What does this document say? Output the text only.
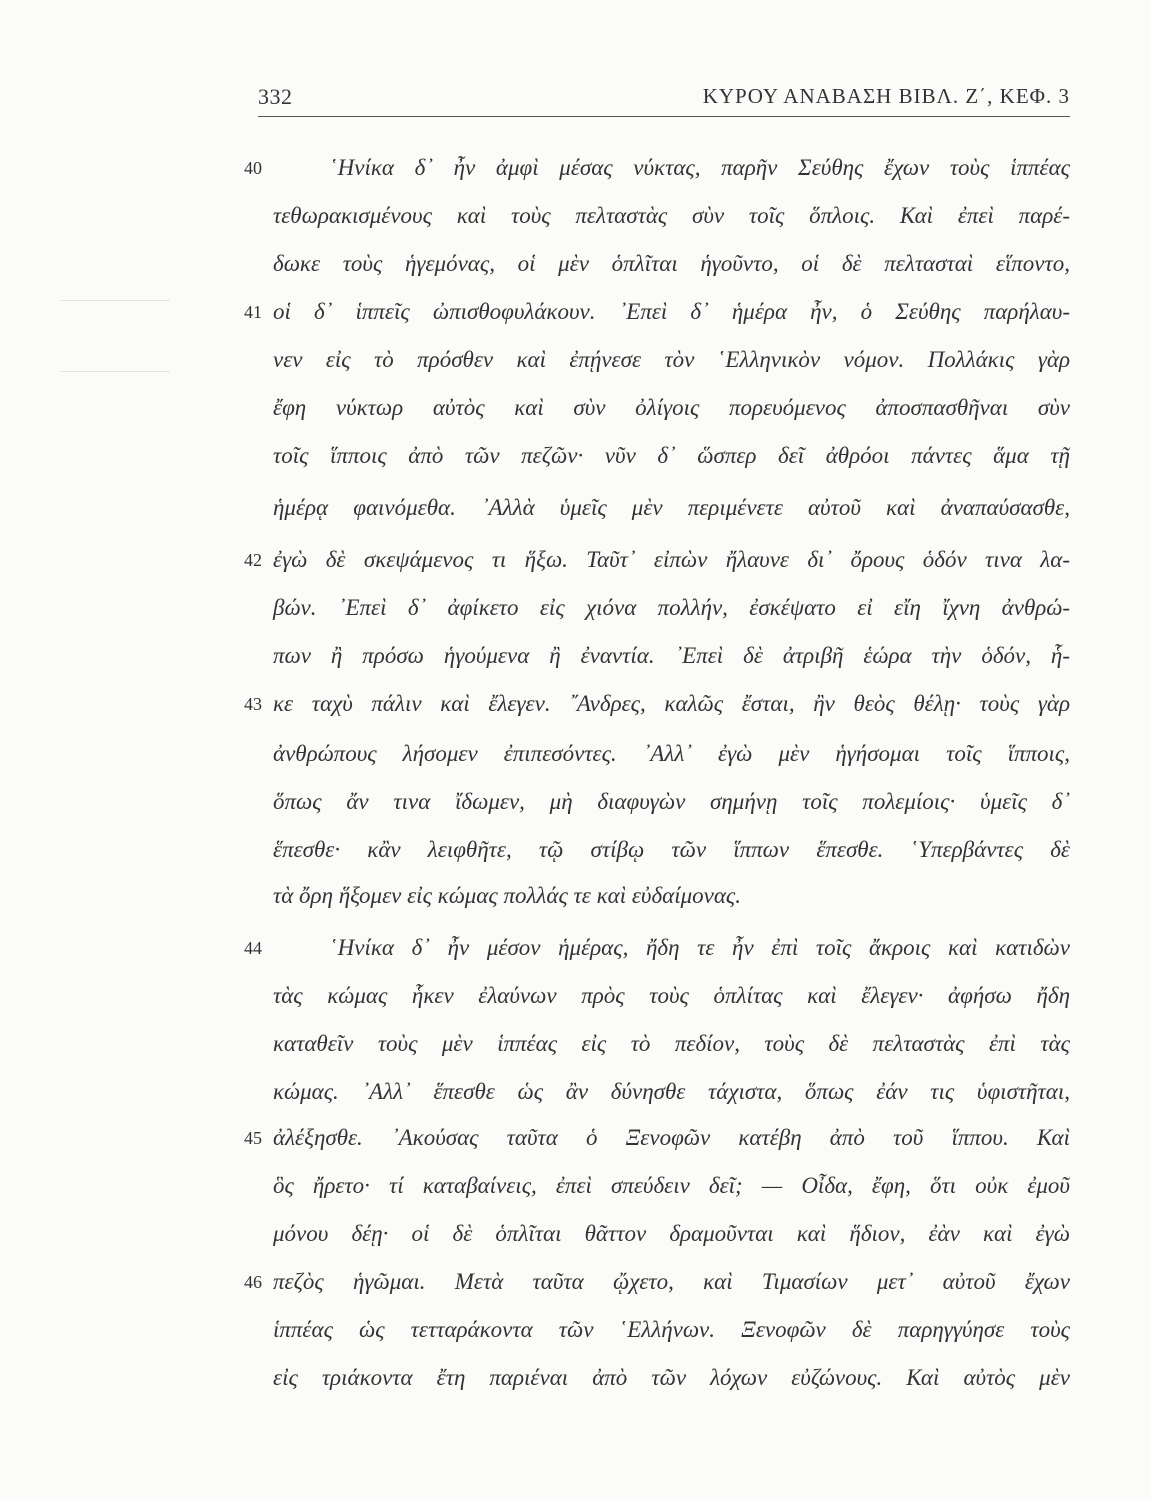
332	ΚΥΡΟΥ ΑΝΑΒΑΣΗ ΒΙΒΛ. Ζ΄, ΚΕΦ. 3
40	῾Ηνίκα δ᾽ ἦν ἀμφὶ μέσας νύκτας, παρῆν Σεύθης ἔχων τοὺς ἱππέας
τεθωρακισμένους καὶ τοὺς πελταστὰς σὺν τοῖς ὅπλοις. Καὶ ἐπεὶ παρέ-
δωκε τοὺς ἡγεμόνας, οἱ μὲν ὁπλῖται ἡγοῦντο, οἱ δὲ πελτασταὶ εἵποντο,
41 οἱ δ᾽ ἱππεῖς ὠπισθοφυλάκουν. ᾽Επεὶ δ᾽ ἡμέρα ἦν, ὁ Σεύθης παρήλαυ-
νεν εἰς τὸ πρόσθεν καὶ ἐπῄνεσε τὸν ῾Ελληνικὸν νόμον. Πολλάκις γὰρ
ἔφη νύκτωρ αὐτὸς καὶ σὺν ὀλίγοις πορευόμενος ἀποσπασθῆναι σὺν
τοῖς ἵπποις ἀπὸ τῶν πεζῶν· νῦν δ᾽ ὥσπερ δεῖ ἀθρόοι πάντες ἅμα τῇ
ἡμέρᾳ φαινόμεθα. ᾽Αλλὰ ὑμεῖς μὲν περιμένετε αὐτοῦ καὶ ἀναπαύσασθε,
42 ἐγὼ δὲ σκεψάμενος τι ἥξω. Ταῦτ᾽ εἰπὼν ἤλαυνε δι᾽ ὄρους ὁδόν τινα λα-
βών. ᾽Επεὶ δ᾽ ἀφίκετο εἰς χιόνα πολλήν, ἐσκέψατο εἰ εἴη ἴχνη ἀνθρώ-
πων ἢ πρόσω ἡγούμενα ἢ ἐναντία. ᾽Επεὶ δὲ ἀτριβῆ ἑώρα τὴν ὁδόν, ἧ-
43 κε ταχὺ πάλιν καὶ ἔλεγεν. ῎Ανδρες, καλῶς ἔσται, ἢν θεὸς θέλῃ· τοὺς γὰρ
ἀνθρώπους λήσομεν ἐπιπεσόντες. ᾽Αλλ᾽ ἐγὼ μὲν ἡγήσομαι τοῖς ἵπποις,
ὅπως ἄν τινα ἴδωμεν, μὴ διαφυγὼν σημήνῃ τοῖς πολεμίοις· ὑμεῖς δ᾽
ἕπεσθε· κἂν λειφθῆτε, τῷ στίβῳ τῶν ἵππων ἕπεσθε. ῾Υπερβάντες δὲ
τὰ ὄρη ἥξομεν εἰς κώμας πολλάς τε καὶ εὐδαίμονας.
44	῾Ηνίκα δ᾽ ἦν μέσον ἡμέρας, ἤδη τε ἦν ἐπὶ τοῖς ἄκροις καὶ κατιδὼν
τὰς κώμας ἧκεν ἐλαύνων πρὸς τοὺς ὁπλίτας καὶ ἔλεγεν· ἀφήσω ἤδη
καταθεῖν τοὺς μὲν ἱππέας εἰς τὸ πεδίον, τοὺς δὲ πελταστὰς ἐπὶ τὰς
κώμας. ᾽Αλλ᾽ ἕπεσθε ὡς ἂν δύνησθε τάχιστα, ὅπως ἐάν τις ὑφιστῆται,
45 ἀλέξησθε. ᾽Ακούσας ταῦτα ὁ Ξενοφῶν κατέβη ἀπὸ τοῦ ἵππου. Καὶ
ὃς ἤρετο· τί καταβαίνεις, ἐπεὶ σπεύδειν δεῖ; — Οἶδα, ἔφη, ὅτι οὐκ ἐμοῦ
μόνου δέῃ· οἱ δὲ ὁπλῖται θᾶττον δραμοῦνται καὶ ἥδιον, ἐὰν καὶ ἐγὼ
46 πεζὸς ἡγῶμαι. Μετὰ ταῦτα ᾤχετο, καὶ Τιμασίων μετ᾽ αὐτοῦ ἔχων
ἱππέας ὡς τετταράκοντα τῶν ῾Ελλήνων. Ξενοφῶν δὲ παρηγγύησε τοὺς
εἰς τριάκοντα ἔτη παριέναι ἀπὸ τῶν λόχων εὐζώνους. Καὶ αὐτὸς μὲν
